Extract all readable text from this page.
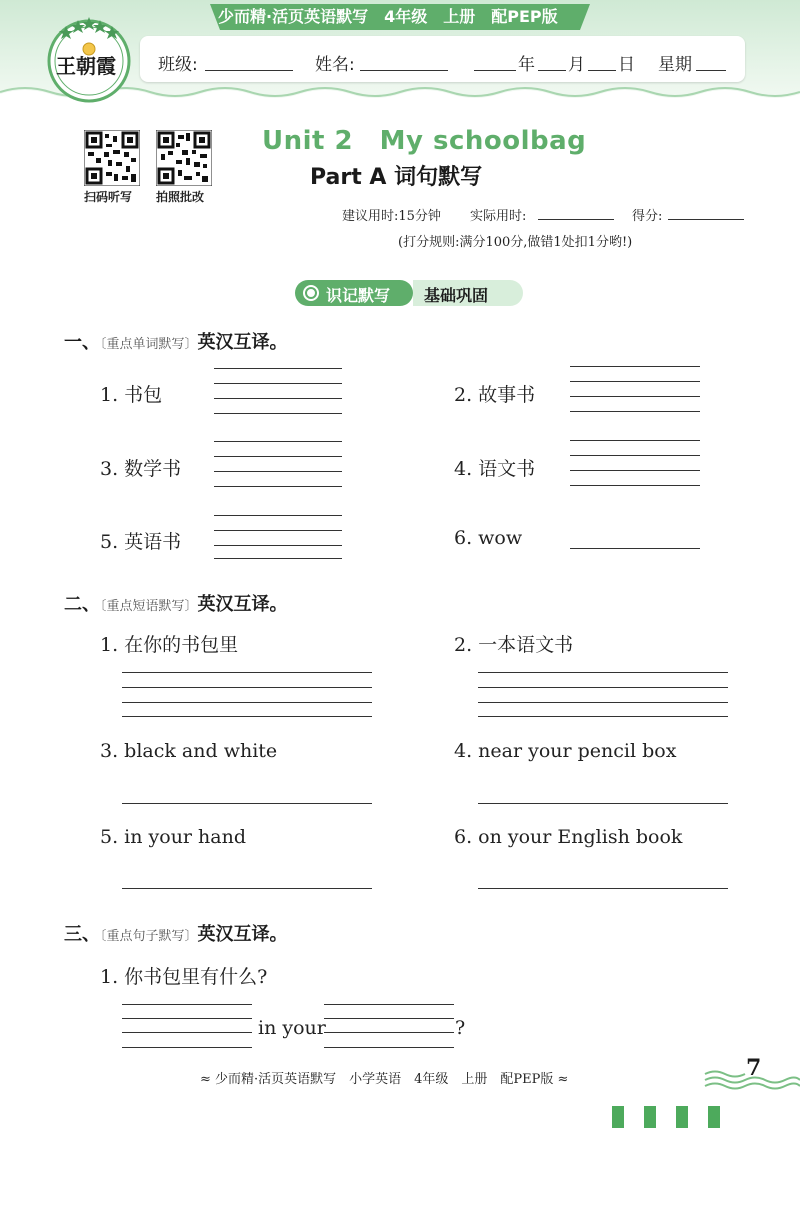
少而精·活页英语默写　4年级　上册　配PEP版
王朝霞 班级:	姓名:	年 月 日 星期
扫码听写 拍照批改
Unit 2　My schoolbag
Part A 词句默写
建议用时:15分钟 实际用时:	得分:
(打分规则:满分100分,做错1处扣1分哟!)
识记默写 基础巩固
一、〔重点单词默写〕英汉互译。
1. 书包	2. 故事书
3. 数学书	4. 语文书
5. 英语书	6. wow
二、〔重点短语默写〕英汉互译。
1. 在你的书包里	2. 一本语文书
3. black and white	4. near your pencil box
5. in your hand	6. on your English book
三、〔重点句子默写〕英汉互译。
1. 你书包里有什么?
in your	?
≈ 少而精·活页英语默写　小学英语　4年级　上册　配PEP版 ≈	7
